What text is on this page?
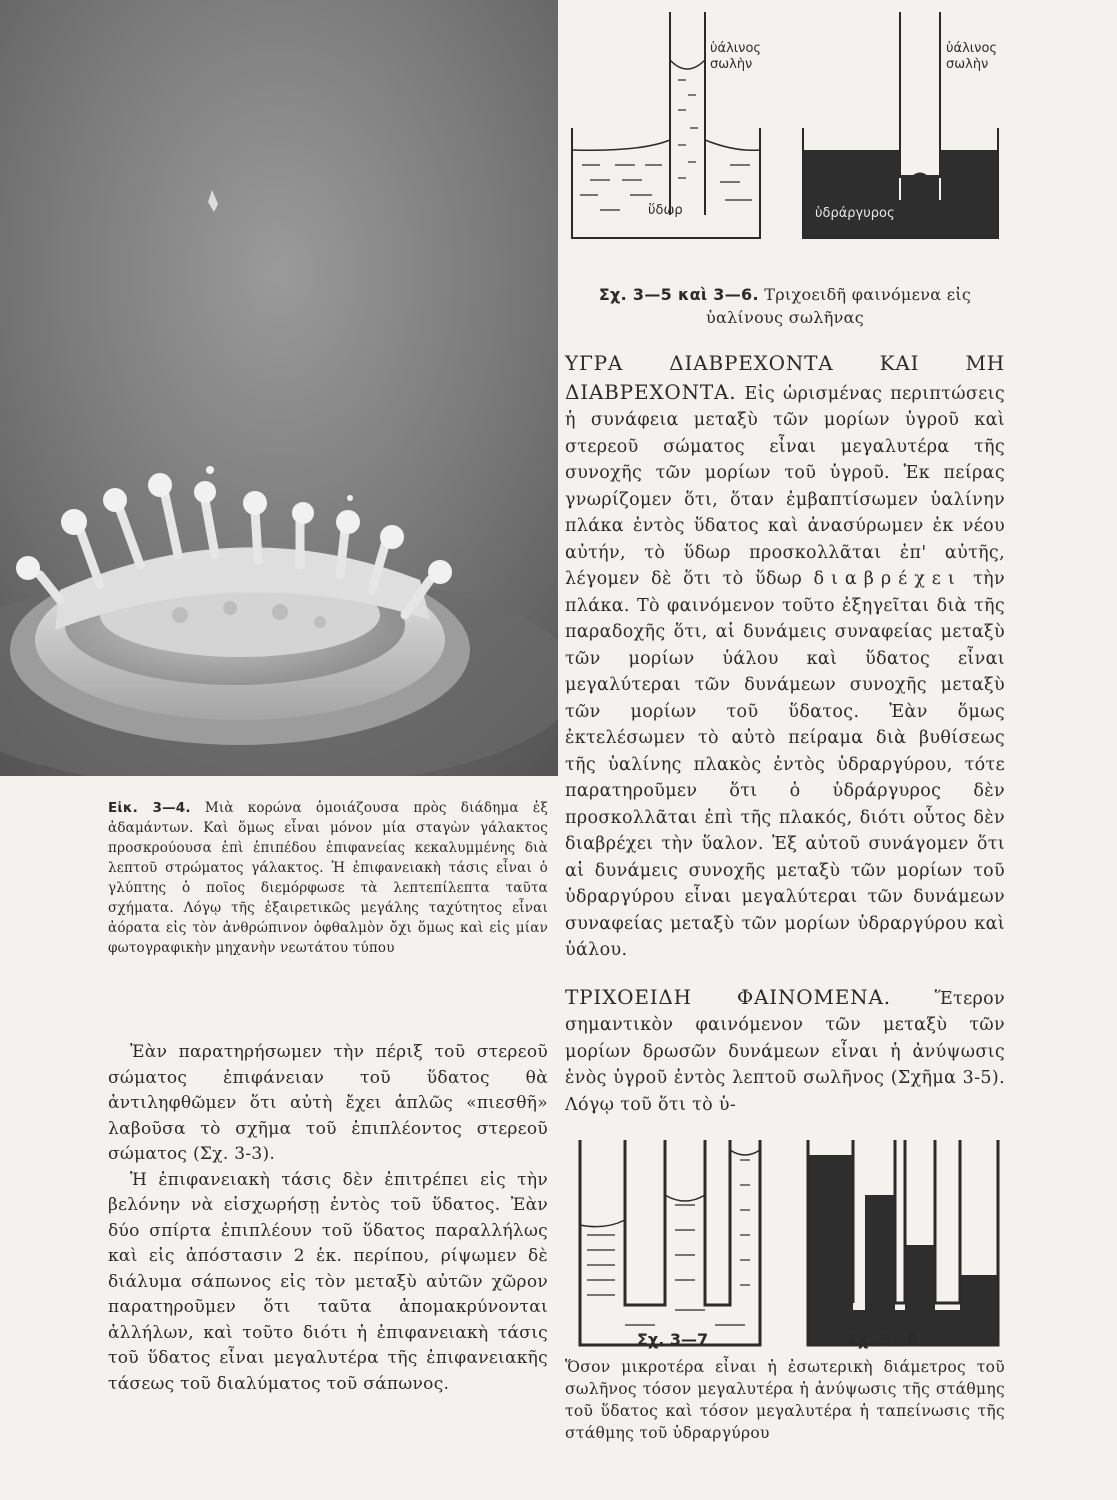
Εἰκ. 3—4. Μιὰ κορώνα ὁμοιάζουσα πρὸς διάδημα ἐξ ἀδαμάντων. Καὶ ὅμως εἶναι μόνον μία σταγὼν γάλακτος προσκρούουσα ἐπὶ ἐπιπέδου ἐπιφανείας κεκαλυμμένης διὰ λεπτοῦ στρώματος γάλακτος. Ἡ ἐπιφανειακὴ τάσις εἶναι ὁ γλύπτης ὁ ποῖος διεμόρφωσε τὰ λεπτεπίλεπτα ταῦτα σχήματα. Λόγῳ τῆς ἐξαιρετικῶς μεγάλης ταχύτητος εἶναι ἀόρατα εἰς τὸν ἀνθρώπινον ὀφθαλμὸν ὄχι ὅμως καὶ εἰς μίαν φωτογραφικὴν μηχανὴν νεωτάτου τύπου

Ἐὰν παρατηρήσωμεν τὴν πέριξ τοῦ στερεοῦ σώματος ἐπιφάνειαν τοῦ ὕδατος θὰ ἀντιληφθῶμεν ὅτι αὐτὴ ἔχει ἁπλῶς «πιεσθῆ» λαβοῦσα τὸ σχῆμα τοῦ ἐπιπλέοντος στερεοῦ σώματος (Σχ. 3-3).

Ἡ ἐπιφανειακὴ τάσις δὲν ἐπιτρέπει εἰς τὴν βελόνην νὰ εἰσχωρήσῃ ἐντὸς τοῦ ὕδατος. Ἐὰν δύο σπίρτα ἐπιπλέουν τοῦ ὕδατος παραλλήλως καὶ εἰς ἀπόστασιν 2 ἑκ. περίπου, ρίψωμεν δὲ διάλυμα σάπωνος εἰς τὸν μεταξὺ αὐτῶν χῶρον παρατηροῦμεν ὅτι ταῦτα ἀπομακρύνονται ἀλλήλων, καὶ τοῦτο διότι ἡ ἐπιφανειακὴ τάσις τοῦ ὕδατος εἶναι μεγαλυτέρα τῆς ἐπιφανειακῆς τάσεως τοῦ διαλύματος τοῦ σάπωνος.

ὑάλινος
σωλὴν
ὕδωρ
ὑάλινος
σωλὴν
ὑδράργυρος
Σχ. 3—5 καὶ 3—6. Τριχοειδῆ φαινόμενα εἰς ὑαλίνους σωλῆνας

ΥΓΡΑ ΔΙΑΒΡΕΧΟΝΤΑ ΚΑΙ ΜΗ ΔΙΑΒΡΕΧΟΝΤΑ. Εἰς ὡρισμένας περιπτώσεις ἡ συνάφεια μεταξὺ τῶν μορίων ὑγροῦ καὶ στερεοῦ σώματος εἶναι μεγαλυτέρα τῆς συνοχῆς τῶν μορίων τοῦ ὑγροῦ. Ἐκ πείρας γνωρίζομεν ὅτι, ὅταν ἐμβαπτίσωμεν ὑαλίνην πλάκα ἐντὸς ὕδατος καὶ ἀνασύρωμεν ἐκ νέου αὐτήν, τὸ ὕδωρ προσκολλᾶται ἐπ' αὐτῆς, λέγομεν δὲ ὅτι τὸ ὕδωρ διαβρέχει τὴν πλάκα. Τὸ φαινόμενον τοῦτο ἐξηγεῖται διὰ τῆς παραδοχῆς ὅτι, αἱ δυνάμεις συναφείας μεταξὺ τῶν μορίων ὑάλου καὶ ὕδατος εἶναι μεγαλύτεραι τῶν δυνάμεων συνοχῆς μεταξὺ τῶν μορίων τοῦ ὕδατος. Ἐὰν ὅμως ἐκτελέσωμεν τὸ αὐτὸ πείραμα διὰ βυθίσεως τῆς ὑαλίνης πλακὸς ἐντὸς ὑδραργύρου, τότε παρατηροῦμεν ὅτι ὁ ὑδράργυρος δὲν προσκολλᾶται ἐπὶ τῆς πλακός, διότι οὗτος δὲν διαβρέχει τὴν ὕαλον. Ἐξ αὐτοῦ συνάγομεν ὅτι αἱ δυνάμεις συνοχῆς μεταξὺ τῶν μορίων τοῦ ὑδραργύρου εἶναι μεγαλύτεραι τῶν δυνάμεων συναφείας μεταξὺ τῶν μορίων ὑδραργύρου καὶ ὑάλου.

ΤΡΙΧΟΕΙΔΗ ΦΑΙΝΟΜΕΝΑ. Ἕτερον σημαντικὸν φαινόμενον τῶν μεταξὺ τῶν μορίων δρωσῶν δυνάμεων εἶναι ἡ ἀνύψωσις ἑνὸς ὑγροῦ ἐντὸς λεπτοῦ σωλῆνος (Σχῆμα 3-5). Λόγῳ τοῦ ὅτι τὸ ὑ-

Σχ. 3—7	Σχ. 3—8
Ὅσον μικροτέρα εἶναι ἡ ἐσωτερικὴ διάμετρος τοῦ σωλῆνος τόσον μεγαλυτέρα ἡ ἀνύψωσις τῆς στάθμης τοῦ ὕδατος καὶ τόσον μεγαλυτέρα ἡ ταπείνωσις τῆς στάθμης τοῦ ὑδραργύρου
